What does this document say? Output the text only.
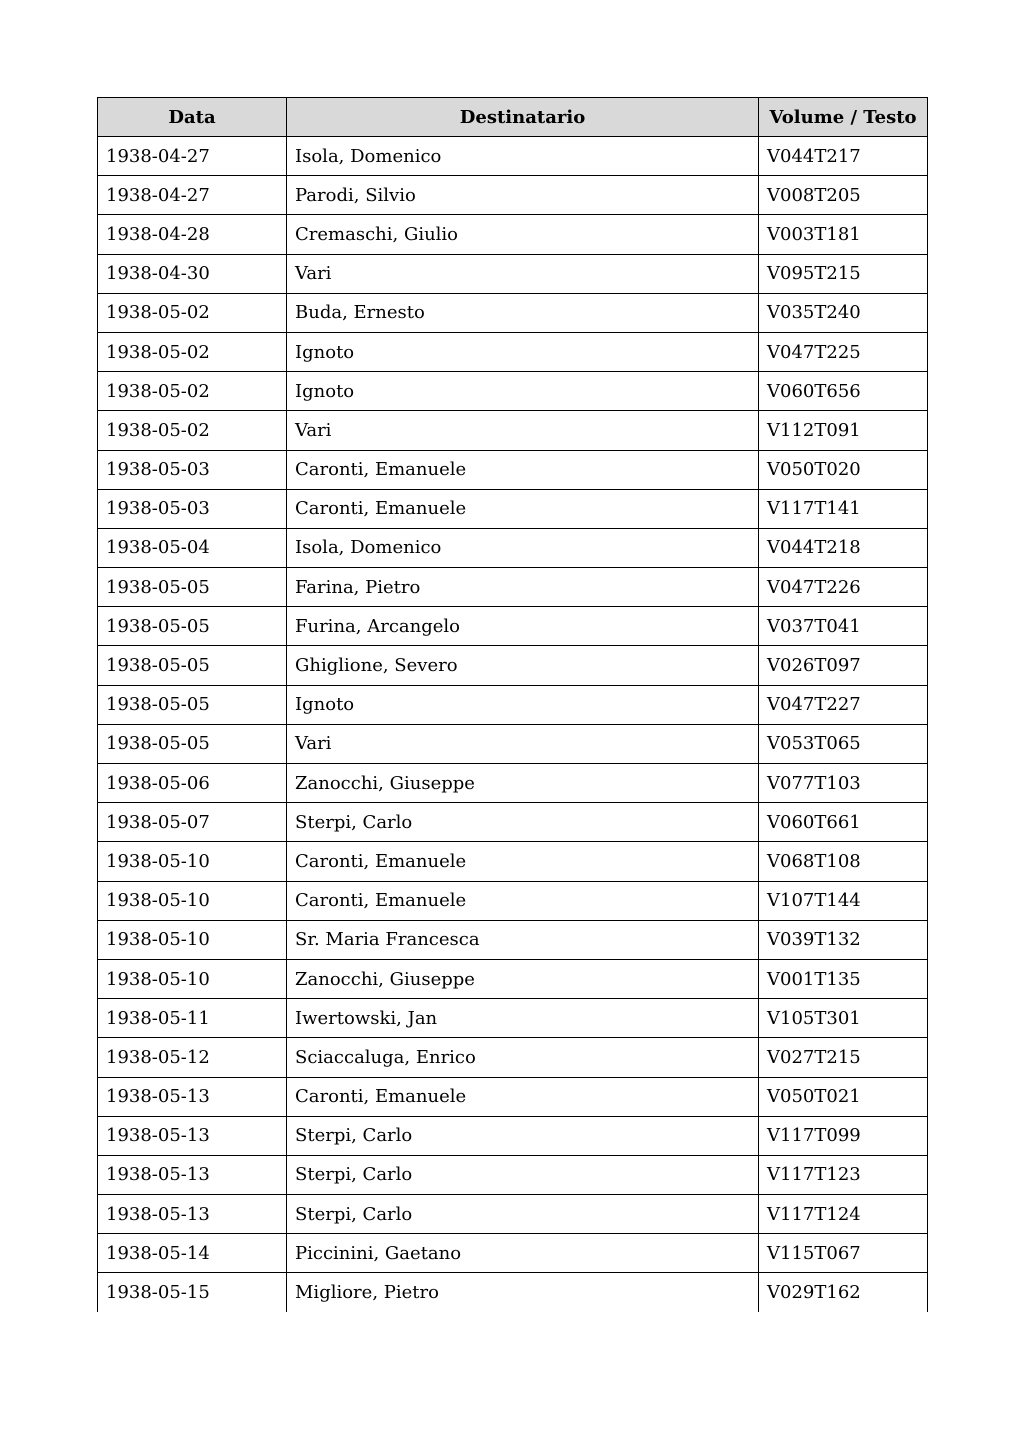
Data	Destinatario	Volume / Testo
1938-04-27	Isola, Domenico	V044T217
1938-04-27	Parodi, Silvio	V008T205
1938-04-28	Cremaschi, Giulio	V003T181
1938-04-30	Vari	V095T215
1938-05-02	Buda, Ernesto	V035T240
1938-05-02	Ignoto	V047T225
1938-05-02	Ignoto	V060T656
1938-05-02	Vari	V112T091
1938-05-03	Caronti, Emanuele	V050T020
1938-05-03	Caronti, Emanuele	V117T141
1938-05-04	Isola, Domenico	V044T218
1938-05-05	Farina, Pietro	V047T226
1938-05-05	Furina, Arcangelo	V037T041
1938-05-05	Ghiglione, Severo	V026T097
1938-05-05	Ignoto	V047T227
1938-05-05	Vari	V053T065
1938-05-06	Zanocchi, Giuseppe	V077T103
1938-05-07	Sterpi, Carlo	V060T661
1938-05-10	Caronti, Emanuele	V068T108
1938-05-10	Caronti, Emanuele	V107T144
1938-05-10	Sr. Maria Francesca	V039T132
1938-05-10	Zanocchi, Giuseppe	V001T135
1938-05-11	Iwertowski, Jan	V105T301
1938-05-12	Sciaccaluga, Enrico	V027T215
1938-05-13	Caronti, Emanuele	V050T021
1938-05-13	Sterpi, Carlo	V117T099
1938-05-13	Sterpi, Carlo	V117T123
1938-05-13	Sterpi, Carlo	V117T124
1938-05-14	Piccinini, Gaetano	V115T067
1938-05-15	Migliore, Pietro	V029T162
